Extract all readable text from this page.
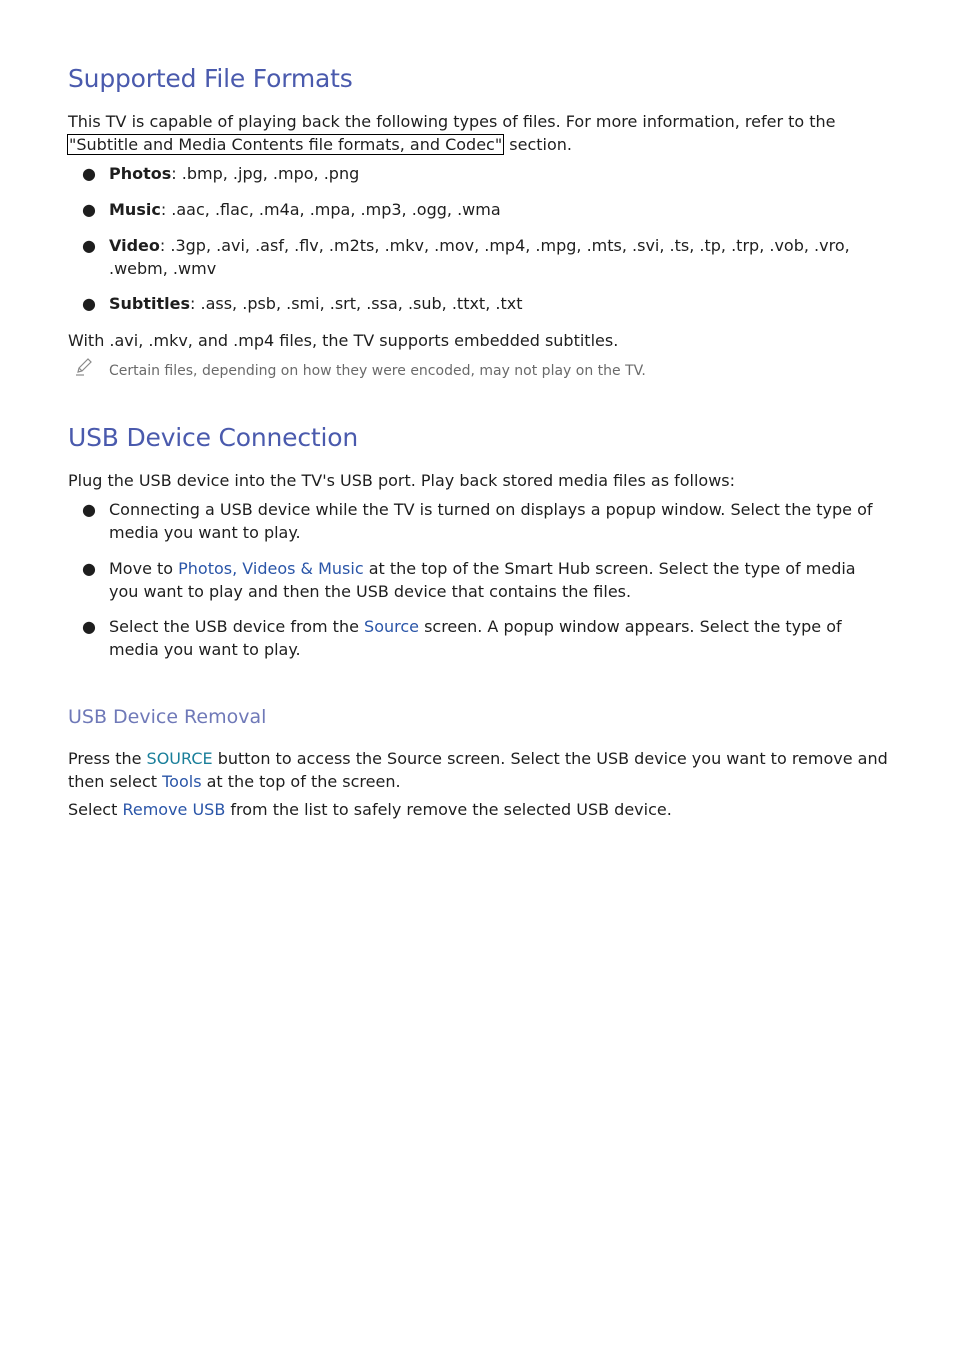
Supported File Formats
This TV is capable of playing back the following types of files. For more information, refer to the
"Subtitle and Media Contents file formats, and Codec" section.
● Photos: .bmp, .jpg, .mpo, .png
● Music: .aac, .flac, .m4a, .mpa, .mp3, .ogg, .wma
● Video: .3gp, .avi, .asf, .flv, .m2ts, .mkv, .mov, .mp4, .mpg, .mts, .svi, .ts, .tp, .trp, .vob, .vro,
.webm, .wmv
● Subtitles: .ass, .psb, .smi, .srt, .ssa, .sub, .ttxt, .txt
With .avi, .mkv, and .mp4 files, the TV supports embedded subtitles.
Certain files, depending on how they were encoded, may not play on the TV.
USB Device Connection
Plug the USB device into the TV's USB port. Play back stored media files as follows:
● Connecting a USB device while the TV is turned on displays a popup window. Select the type of
media you want to play.
● Move to Photos, Videos & Music at the top of the Smart Hub screen. Select the type of media
you want to play and then the USB device that contains the files.
● Select the USB device from the Source screen. A popup window appears. Select the type of
media you want to play.
USB Device Removal
Press the SOURCE button to access the Source screen. Select the USB device you want to remove and
then select Tools at the top of the screen.
Select Remove USB from the list to safely remove the selected USB device.
